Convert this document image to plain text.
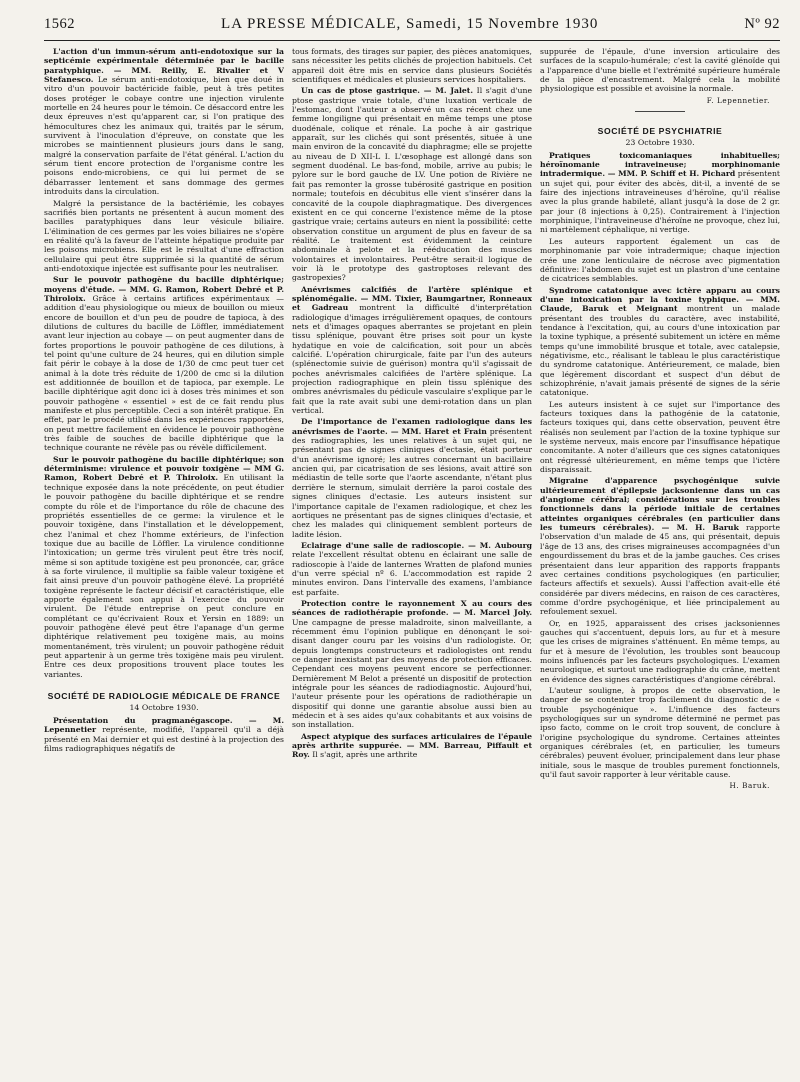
1562	LA PRESSE MÉDICALE, Samedi, 15 Novembre 1930	Nº 92

L'action d'un immun-sérum anti-endotoxique sur la septicémie expérimentale déterminée par le bacille paratyphique. — MM. Reilly, E. Rivalier et V Stefanesco. Le sérum anti-endotoxique, bien que doué in vitro d'un pouvoir bactéricide faible, peut à très petites doses protéger le cobaye contre une injection virulente mortelle en 24 heures pour le témoin. Ce désaccord entre les deux épreuves n'est qu'apparent car, si l'on pratique des hémocultures chez les animaux qui, traités par le sérum, survivent à l'inoculation d'épreuve, on constate que les microbes se maintiennent plusieurs jours dans le sang, malgré la conservation parfaite de l'état général. L'action du sérum tient encore protection de l'organisme contre les poisons endo-microbiens, ce qui lui permet de se débarrasser lentement et sans dommage des germes introduits dans la circulation.

Malgré la persistance de la bactériémie, les cobayes sacrifiés bien portants ne présentent à aucun moment des bacilles paratyphiques dans leur vésicule biliaire. L'élimination de ces germes par les voies biliaires ne s'opère en réalité qu'à la faveur de l'atteinte hépatique produite par les poisons microbiens. Elle est le résultat d'une effraction cellulaire qui peut être supprimée si la quantité de sérum anti-endotoxique injectée est suffisante pour les neutraliser.

Sur le pouvoir pathogène du bacille diphtérique; moyens d'étude. — MM. G. Ramon, Robert Debré et P. Thiroloix. Grâce à certains artifices expérimentaux — addition d'eau physiologique ou mieux de bouillon ou mieux encore de bouillon et d'un peu de poudre de tapioca, à des dilutions de cultures du bacille de Löffler, immédiatement avant leur injection au cobaye — on peut augmenter dans de fortes proportions le pouvoir pathogène de ces dilutions, à tel point qu'une culture de 24 heures, qui en dilution simple fait périr le cobaye à la dose de 1/30 de cmc peut tuer cet animal à la dote très réduite de 1/200 de cmc si la dilution est additionnée de bouillon et de tapioca, par exemple. Le bacille diphtérique agit donc ici à doses très minimes et son pouvoir pathogène « essentiel » est de ce fait rendu plus manifeste et plus perceptible. Ceci a son intérêt pratique. En effet, par le procédé utilisé dans les expériences rapportées, on peut mettre facilement en évidence le pouvoir pathogène très faible de souches de bacille diphtérique que la technique courante ne révèle pas ou révèle difficilement.

Sur le pouvoir pathogène du bacille diphtérique; son déterminisme: virulence et pouvoir toxigène — MM G. Ramon, Robert Debré et P. Thiroloix. En utilisant la technique exposée dans la note précédente, on peut étudier le pouvoir pathogène du bacille diphtérique et se rendre compte du rôle et de l'importance du rôle de chacune des propriétés essentielles de ce germe: la virulence et le pouvoir toxigène, dans l'installation et le développement, chez l'animal et chez l'homme extérieurs, de l'infection toxique due au bacille de Löffler. La virulence conditionne l'intoxication; un germe très virulent peut être très nocif, même si son aptitude toxigène est peu prononcée, car, grâce à sa forte virulence, il multiplie sa faible valeur toxigène et fait ainsi preuve d'un pouvoir pathogène élevé. La propriété toxigène représente le facteur décisif et caractéristique, elle apporte également son appui à l'exercice du pouvoir virulent. De l'étude entreprise on peut conclure en complétant ce qu'écrivaient Roux et Yersin en 1889: un pouvoir pathogène élevé peut être l'apanage d'un germe diphtérique relativement peu toxigène mais, au moins momentanément, très virulent; un pouvoir pathogène réduit peut appartenir à un germe très toxigène mais peu virulent. Entre ces deux propositions trouvent place toutes les variantes.

SOCIÉTÉ DE RADIOLOGIE MÉDICALE DE FRANCE
14 Octobre 1930.

Présentation du pragmanégascope. — M. Lepennetier représente, modifié, l'appareil qu'il a déjà présenté en Mai dernier et qui est destiné à la projection des films radiographiques négatifs de

tous formats, des tirages sur papier, des pièces anatomiques, sans nécessiter les petits clichés de projection habituels. Cet appareil doit être mis en service dans plusieurs Sociétés scientifiques et médicales et plusieurs services hospitaliers.

Un cas de ptose gastrique. — M. Jalet. Il s'agit d'une ptose gastrique vraie totale, d'une luxation verticale de l'estomac, dont l'auteur a observé un cas récent chez une femme longiligne qui présentait en même temps une ptose duodénale, colique et rénale. La poche à air gastrique apparaît, sur les clichés qui sont présentés, située à une main environ de la concavité du diaphragme; elle se projette au niveau de D XII-L I. L'œsophage est allongé dans son segment duodénal. Le bas-fond, mobile, arrive au pubis; le pylore sur le bord gauche de LV. Une potion de Rivière ne fait pas remonter la grosse tubérosité gastrique en position normale; toutefois en décubitus elle vient s'insérer dans la concavité de la coupole diaphragmatique. Des divergences existent en ce qui concerne l'existence même de la ptose gastrique vraie; certains auteurs en nient la possibilité: cette observation constitue un argument de plus en faveur de sa réalité. Le traitement est évidemment la ceinture abdominale à pelote et la rééducation des muscles volontaires et involontaires. Peut-être serait-il logique de voir là le prototype des gastroptoses relevant des gastropexies?

Anévrismes calcifiés de l'artère splénique et splénomégalie. — MM. Tixier, Baumgartner, Ronneaux et Gadreau montrent la difficulté d'interprétation radiologique d'images irrégulièrement opaques, de contours nets et d'images opaques aberrantes se projetant en plein tissu splénique, pouvant être prises soit pour un kyste hydatique en voie de calcification, soit pour un abcès calcifié. L'opération chirurgicale, faite par l'un des auteurs (splénectomie suivie de guérison) montra qu'il s'agissait de poches anévrismales calcifiées de l'artère splénique. La projection radiographique en plein tissu splénique des ombres anévrismales du pédicule vasculaire s'explique par le fait que la rate avait subi une demi-rotation dans un plan vertical.

De l'importance de l'examen radiologique dans les anévrismes de l'aorte. — MM. Haret et Frain présentent des radiographies, les unes relatives à un sujet qui, ne présentant pas de signes cliniques d'ectasie, était porteur d'un anévrisme ignoré; les autres concernant un bacillaire ancien qui, par cicatrisation de ses lésions, avait attiré son médiastin de telle sorte que l'aorte ascendante, n'étant plus derrière le sternum, simulait derrière la paroi costale des signes cliniques d'ectasie. Les auteurs insistent sur l'importance capitale de l'examen radiologique, et chez les aortiques ne présentant pas de signes cliniques d'ectasie, et chez les malades qui cliniquement semblent porteurs de ladite lésion.

Eclairage d'une salle de radioscopie. — M. Aubourg relate l'excellent résultat obtenu en éclairant une salle de radioscopie à l'aide de lanternes Wratten de plafond munies d'un verre spécial nº 6. L'accommodation est rapide 2 minutes environ. Dans l'intervalle des examens, l'ambiance est parfaite.

Protection contre le rayonnement X au cours des séances de radiothérapie profonde. — M. Marcel Joly. Une campagne de presse maladroite, sinon malveillante, a récemment ému l'opinion publique en dénonçant le soi-disant danger couru par les voisins d'un radiologiste. Or, depuis longtemps constructeurs et radiologistes ont rendu ce danger inexistant par des moyens de protection efficaces. Cependant ces moyens peuvent encore se perfectionner. Dernièrement M Belot a présenté un dispositif de protection intégrale pour les séances de radiodiagnostic. Aujourd'hui, l'auteur présente pour les opérations de radiothérapie un dispositif qui donne une garantie absolue aussi bien au médecin et à ses aides qu'aux cohabitants et aux voisins de son installation.

Aspect atypique des surfaces articulaires de l'épaule après arthrite suppurée. — MM. Barreau, Piffault et Roy. Il s'agit, après une arthrite

suppurée de l'épaule, d'une inversion articulaire des surfaces de la scapulo-humérale; c'est la cavité glénoïde qui a l'apparence d'une bielle et l'extrémité supérieure humérale de la pièce d'encastrement. Malgré cela la mobilité physiologique est possible et avoisine la normale.

F. Lepennetier.
SOCIÉTÉ DE PSYCHIATRIE
23 Octobre 1930.

Pratiques toxicomaniaques inhabituelles; héroïnomanie intraveineuse; morphinomanie intradermique. — MM. P. Schiff et H. Pichard présentent un sujet qui, pour éviter des abcès, dit-il, a inventé de se faire des injections intraveineuses d'héroïne, qu'il réalise avec la plus grande habileté, allant jusqu'à la dose de 2 gr. par jour (8 injections à 0,25). Contrairement à l'injection morphinique, l'intraveineuse d'héroïne ne provoque, chez lui, ni martèlement céphalique, ni vertige.

Les auteurs rapportent également un cas de morphinomanie par voie intradermique; chaque injection crée une zone lenticulaire de nécrose avec pigmentation définitive: l'abdomen du sujet est un plastron d'une centaine de cicatrices semblables.

Syndrome catatonique avec ictère apparu au cours d'une intoxication par la toxine typhique. — MM. Claude, Baruk et Meignant montrent un malade présentant des troubles du caractère, avec instabilité, tendance à l'excitation, qui, au cours d'une intoxication par la toxine typhique, a présenté subitement un ictère en même temps qu'une immobilité brusque et totale, avec catalepsie, négativisme, etc., réalisant le tableau le plus caractéristique du syndrome catatonique. Antérieurement, ce malade, bien que légèrement discordant et suspect d'un début de schizophrénie, n'avait jamais présenté de signes de la série catatonique.

Les auteurs insistent à ce sujet sur l'importance des facteurs toxiques dans la pathogénie de la catatonie, facteurs toxiques qui, dans cette observation, peuvent être réalisés non seulement par l'action de la toxine typhique sur le système nerveux, mais encore par l'insuffisance hépatique concomitante. A noter d'ailleurs que ces signes catatoniques ont régressé ultérieurement, en même temps que l'ictère disparaissait.

Migraine d'apparence psychogénique suivie ultérieurement d'épilepsie jacksonienne dans un cas d'angiome cérébral; considérations sur les troubles fonctionnels dans la période initiale de certaines atteintes organiques cérébrales (en particulier dans les tumeurs cérébrales). — M. H. Baruk rapporte l'observation d'un malade de 45 ans, qui présentait, depuis l'âge de 13 ans, des crises migraineuses accompagnées d'un engourdissement du bras et de la jambe gauches. Ces crises présentaient dans leur apparition des rapports frappants avec certaines conditions psychologiques (en particulier, facteurs affectifs et sexuels). Aussi l'affection avait-elle été considérée par divers médecins, en raison de ces caractères, comme d'ordre psychogénique, et liée principalement au refoulement sexuel.

Or, en 1925, apparaissent des crises jacksoniennes gauches qui s'accentuent, depuis lors, au fur et à mesure que les crises de migraines s'atténuent. En même temps, au fur et à mesure de l'évolution, les troubles sont beaucoup moins influencés par les facteurs psychologiques. L'examen neurologique, et surtout une radiographie du crâne, mettent en évidence des signes caractéristiques d'angiome cérébral.

L'auteur souligne, à propos de cette observation, le danger de se contenter trop facilement du diagnostic de « trouble psychogénique ». L'influence des facteurs psychologiques sur un syndrome déterminé ne permet pas ipso facto, comme on le croit trop souvent, de conclure à l'origine psychologique du syndrome. Certaines atteintes organiques cérébrales (et, en particulier, les tumeurs cérébrales) peuvent évoluer, principalement dans leur phase initiale, sous le masque de troubles purement fonctionnels, qu'il faut savoir rapporter à leur véritable cause.

H. Baruk.
